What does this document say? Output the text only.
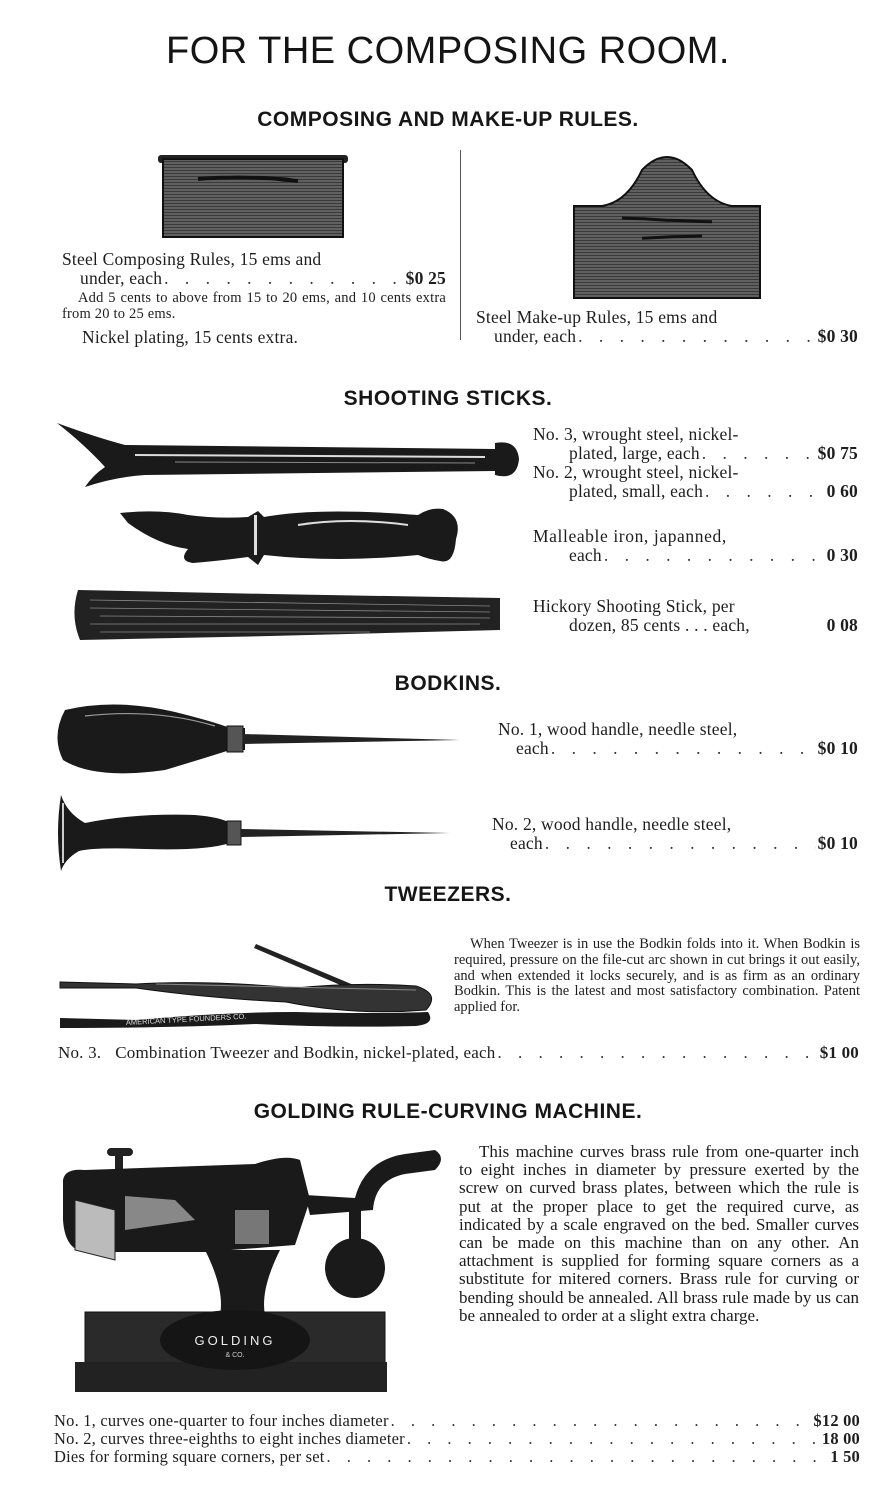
FOR THE COMPOSING ROOM.
COMPOSING AND MAKE-UP RULES.
Steel Composing Rules, 15 ems and
under, each . . .	$0 25
Add 5 cents to above from 15 to 20 ems, and 10 cents extra from 20 to 25 ems.
Nickel plating, 15 cents extra.
Steel Make-up Rules, 15 ems and
under, each . . .	$0 30
SHOOTING STICKS.
No. 3, wrought steel, nickel-
plated, large, each . . .	$0 75
No. 2, wrought steel, nickel-
plated, small, each . . .	0 60
Malleable iron, japanned,
each . . .	0 30
Hickory Shooting Stick, per
dozen, 85 cents . . . each,	0 08
BODKINS.
No. 1, wood handle, needle steel,
each . . .	$0 10
No. 2, wood handle, needle steel,
each . . .	$0 10
TWEEZERS.
AMERICAN TYPE FOUNDERS CO.
When Tweezer is in use the Bodkin folds into it. When Bodkin is required, pressure on the file-cut arc shown in cut brings it out easily, and when extended it locks securely, and is as firm as an ordinary Bodkin. This is the latest and most satisfactory combination. Patent applied for.
No. 3. Combination Tweezer and Bodkin, nickel-plated, each . . .	$1 00
GOLDING RULE-CURVING MACHINE.
GOLDING
& CO.
This machine curves brass rule from one-quarter inch to eight inches in diameter by pressure exerted by the screw on curved brass plates, between which the rule is put at the proper place to get the required curve, as indicated by a scale engraved on the bed. Smaller curves can be made on this machine than on any other. An attachment is supplied for forming square corners as a substitute for mitered corners. Brass rule for curving or bending should be annealed. All brass rule made by us can be annealed to order at a slight extra charge.
No. 1, curves one-quarter to four inches diameter . . .	$12 00
No. 2, curves three-eighths to eight inches diameter . . .	18 00
Dies for forming square corners, per set . . .	1 50
